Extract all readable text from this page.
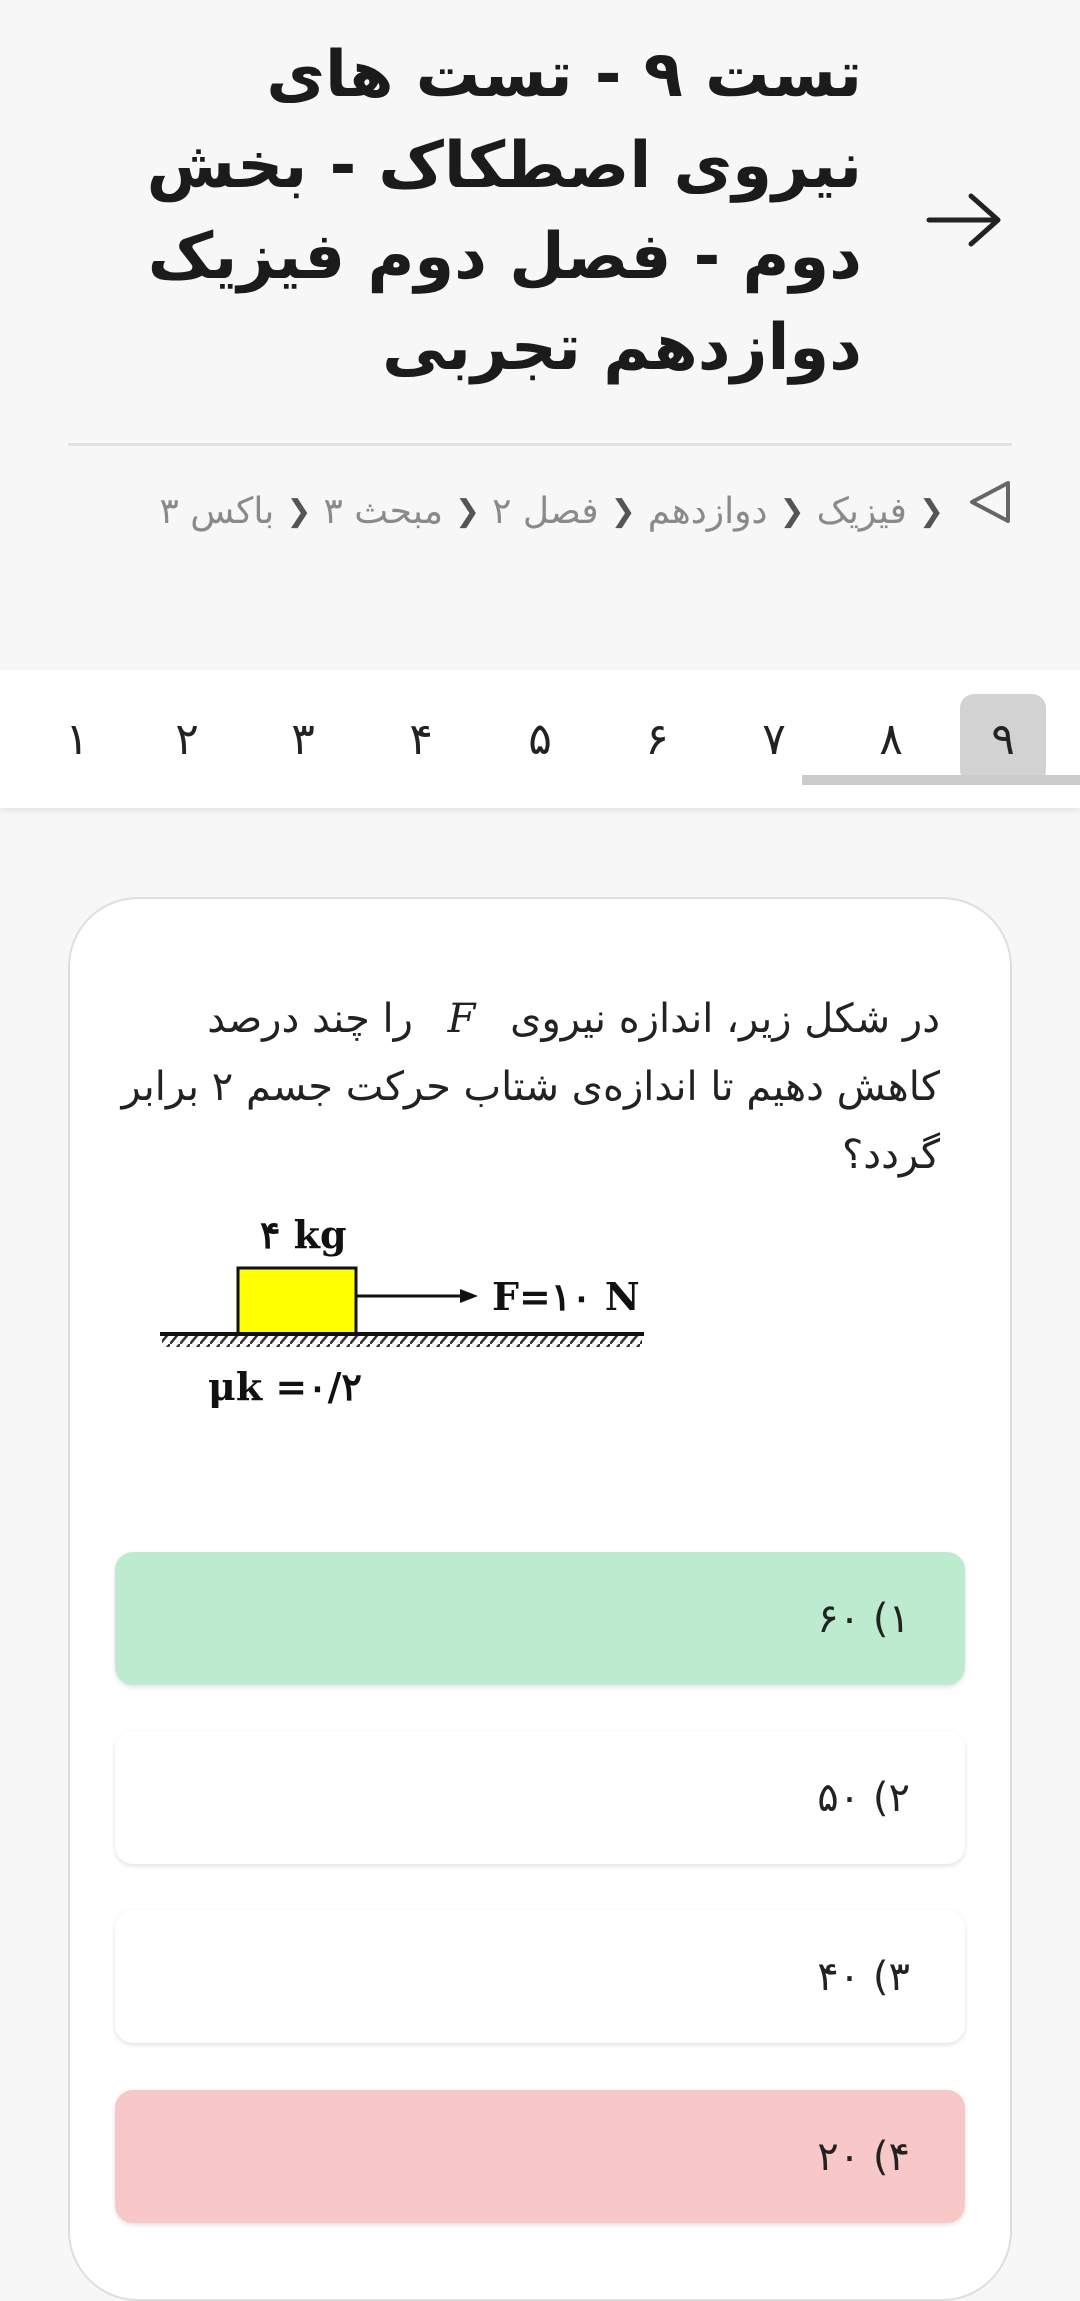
تست ۹ - تست های نیروی اصطکاک - بخش دوم - فصل دوم فیزیک دوازدهم تجربی
❮فیزیک❮دوازدهم❮فصل ۲❮مبحث ۳❮باکس ۳
۱	۲	۳	۴	۵	۶	۷	۸	۹

در شکل زیر، اندازه نیروی F را چند درصد کاهش دهیم تا اندازه‌ی شتاب حرکت جسم ۲ برابر گردد؟

۴ kg
F=۱۰ N
μk =۰/۲
۱) ۶۰
۲) ۵۰
۳) ۴۰
۴) ۲۰
